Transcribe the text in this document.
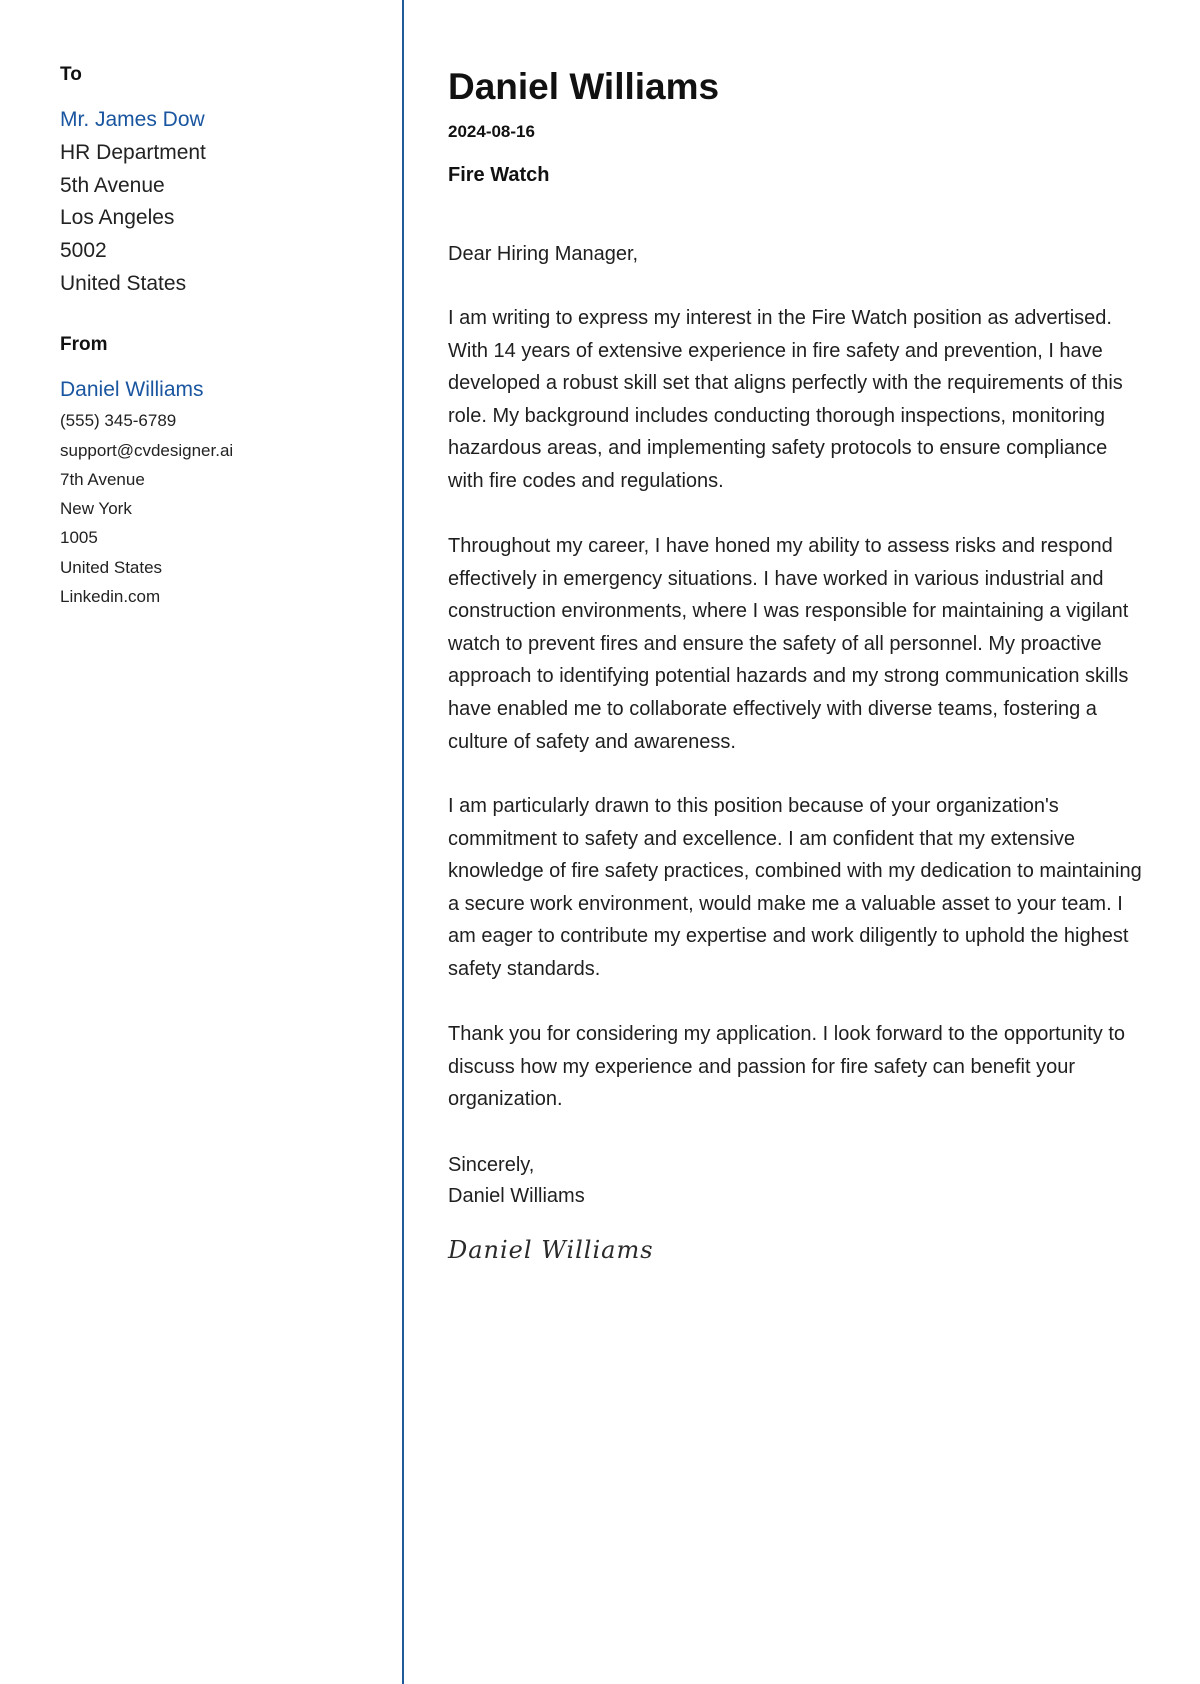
To
Mr. James Dow
HR Department
5th Avenue
Los Angeles
5002
United States
From
Daniel Williams
(555) 345-6789
support@cvdesigner.ai
7th Avenue
New York
1005
United States
Linkedin.com
Daniel Williams
2024-08-16
Fire Watch
Dear Hiring Manager,
I am writing to express my interest in the Fire Watch position as advertised. With 14 years of extensive experience in fire safety and prevention, I have developed a robust skill set that aligns perfectly with the requirements of this role. My background includes conducting thorough inspections, monitoring hazardous areas, and implementing safety protocols to ensure compliance with fire codes and regulations.
Throughout my career, I have honed my ability to assess risks and respond effectively in emergency situations. I have worked in various industrial and construction environments, where I was responsible for maintaining a vigilant watch to prevent fires and ensure the safety of all personnel. My proactive approach to identifying potential hazards and my strong communication skills have enabled me to collaborate effectively with diverse teams, fostering a culture of safety and awareness.
I am particularly drawn to this position because of your organization's commitment to safety and excellence. I am confident that my extensive knowledge of fire safety practices, combined with my dedication to maintaining a secure work environment, would make me a valuable asset to your team. I am eager to contribute my expertise and work diligently to uphold the highest safety standards.
Thank you for considering my application. I look forward to the opportunity to discuss how my experience and passion for fire safety can benefit your organization.
Sincerely,
Daniel Williams
Daniel Williams
